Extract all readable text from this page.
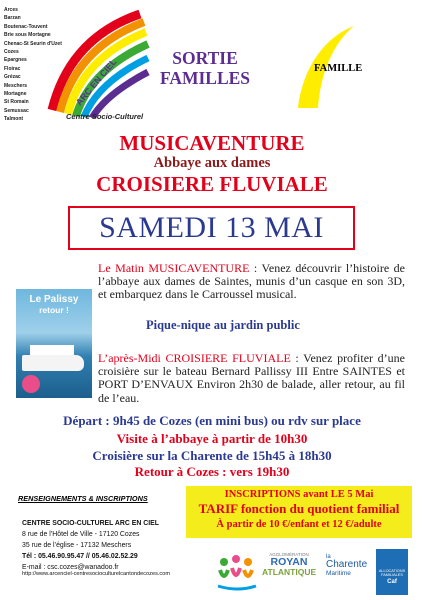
ARC EN CIEL
Arces
Barzan
Boutenac-Touvent
Brie sous Mortagne
Chenac-St Seurin d'Uzet
Cozes
Epargnes
Floirac
Grézac
Meschers
Mortagne
St Romain
Semussac
Talmont	Centre Socio-Culturel
SORTIE
FAMILLES	FAMILLE
MUSICAVENTURE
Abbaye aux dames
CROISIERE FLUVIALE
SAMEDI 13 MAI
Le Matin MUSICAVENTURE : Venez découvrir l’histoire de l’abbaye aux dames de Saintes, munis d’un casque en son 3D, et embarquez dans le Carroussel musical.
Pique-nique au jardin public
L’après-Midi CROISIERE FLUVIALE : Venez profiter d’une croisière sur le bateau Bernard Pallissy III Entre SAINTES et PORT D’ENVAUX Environ 2h30 de balade, aller retour, au fil de l’eau.
Le Palissy
retour !
Départ : 9h45 de Cozes (en mini bus) ou rdv sur place
Visite à l’abbaye à partir de 10h30
Croisière sur la Charente de 15h45 à 18h30
Retour à Cozes : vers 19h30
RENSEIGNEMENTS & INSCRIPTIONS
CENTRE SOCIO-CULTUREL ARC EN CIEL
8 rue de l’Hôtel de Ville - 17120 Cozes
35 rue de l’église - 17132 Meschers
Tél : 05.46.90.95.47 // 05.46.02.52.29
E-mail : csc.cozes@wanadoo.fr
http://www.arcenciel-centresocioculturelcantondecozes.com
INSCRIPTIONS avant LE 5 Mai
TARIF fonction du quotient familial
À partir de 10 €/enfant et 12 €/adulte
AGGLOMÉRATION
ROYAN
ATLANTIQUE
la
Charente
Maritime	ALLOCATIONS FAMILIALES
Caf
